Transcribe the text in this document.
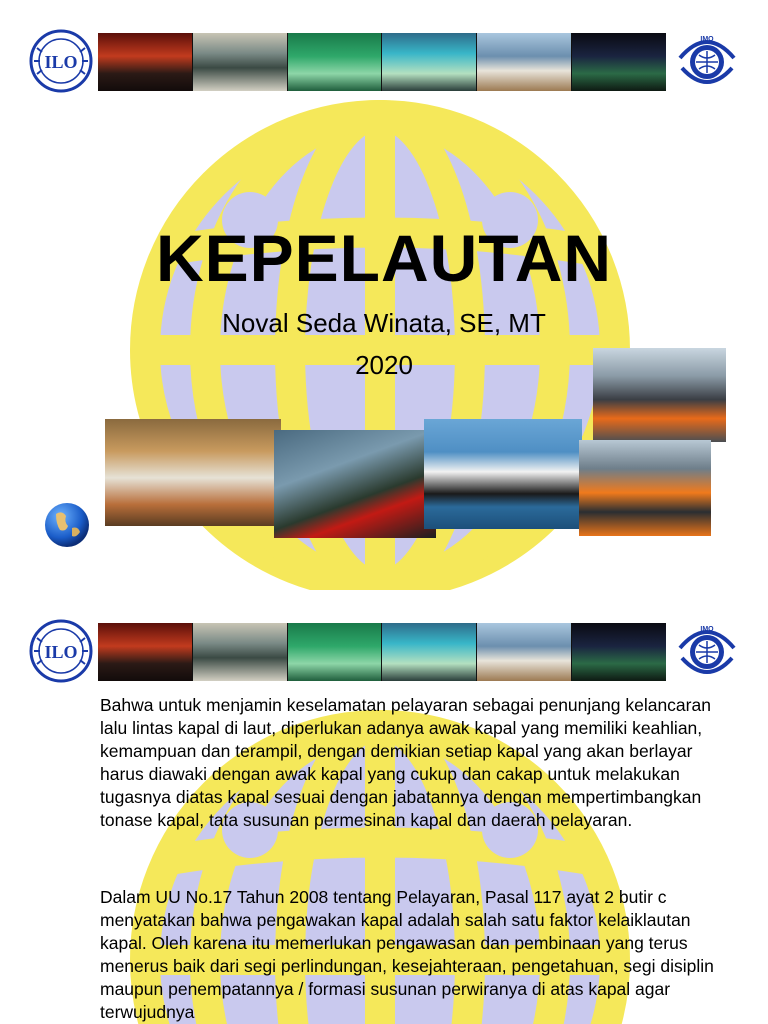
ILO
IMO
KEPELAUTAN
Noval Seda Winata, SE, MT
2020
ILO
IMO
Bahwa untuk menjamin keselamatan pelayaran sebagai penunjang kelancaran lalu lintas kapal di laut, diperlukan adanya awak kapal yang memiliki keahlian, kemampuan dan terampil, dengan demikian setiap kapal yang akan berlayar harus diawaki dengan awak kapal yang cukup dan cakap untuk melakukan tugasnya diatas kapal sesuai dengan jabatannya dengan mempertimbangkan tonase kapal, tata susunan permesinan kapal dan daerah pelayaran.
Dalam UU No.17 Tahun 2008 tentang Pelayaran, Pasal 117 ayat 2 butir c menyatakan bahwa pengawakan kapal adalah salah satu faktor kelaiklautan kapal. Oleh karena itu memerlukan pengawasan dan pembinaan yang terus menerus baik dari segi perlindungan, kesejahteraan, pengetahuan, segi disiplin maupun penempatannya / formasi susunan perwiranya di atas kapal agar terwujudnya
